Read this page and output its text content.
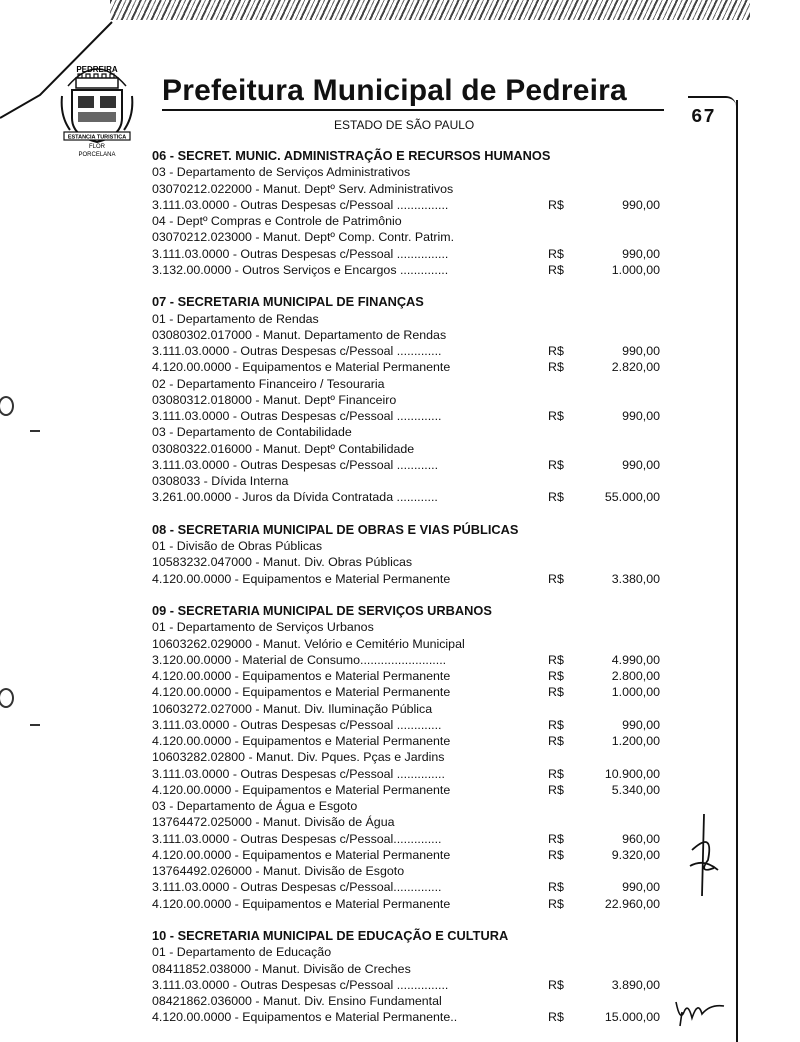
PEDREIRA
ESTANCIA TURISTICA
FLOR
PORCELANA
Prefeitura Municipal de Pedreira
ESTADO DE SÃO PAULO	67
06 - SECRET. MUNIC. ADMINISTRAÇÃO E RECURSOS HUMANOS
03 - Departamento de Serviços Administrativos
03070212.022000 - Manut. Deptº Serv. Administrativos
3.111.03.0000 - Outras Despesas c/Pessoal ...............	R$	990,00
04 - Deptº Compras e Controle de Patrimônio
03070212.023000 - Manut. Deptº Comp. Contr. Patrim.
3.111.03.0000 - Outras Despesas c/Pessoal ...............	R$	990,00
3.132.00.0000 - Outros Serviços e Encargos ..............	R$	1.000,00
07 - SECRETARIA MUNICIPAL DE FINANÇAS
01 - Departamento de Rendas
03080302.017000 - Manut. Departamento de Rendas
3.111.03.0000 - Outras Despesas c/Pessoal .............	R$	990,00
4.120.00.0000 - Equipamentos e Material Permanente	R$	2.820,00
02 - Departamento Financeiro / Tesouraria
03080312.018000 - Manut. Deptº Financeiro
3.111.03.0000 - Outras Despesas c/Pessoal .............	R$	990,00
03 - Departamento de Contabilidade
03080322.016000 - Manut. Deptº Contabilidade
3.111.03.0000 - Outras Despesas c/Pessoal ............	R$	990,00
0308033 - Dívida Interna
3.261.00.0000 - Juros da Dívida Contratada ............	R$	55.000,00
08 - SECRETARIA MUNICIPAL DE OBRAS E VIAS PÚBLICAS
01 - Divisão de Obras Públicas
10583232.047000 - Manut. Div. Obras Públicas
4.120.00.0000 - Equipamentos e Material Permanente	R$	3.380,00
09 - SECRETARIA MUNICIPAL DE SERVIÇOS URBANOS
01 - Departamento de Serviços Urbanos
10603262.029000 - Manut. Velório e Cemitério Municipal
3.120.00.0000 - Material de Consumo.........................	R$	4.990,00
4.120.00.0000 - Equipamentos e Material Permanente	R$	2.800,00
4.120.00.0000 - Equipamentos e Material Permanente	R$	1.000,00
10603272.027000 - Manut. Div. Iluminação Pública
3.111.03.0000 - Outras Despesas c/Pessoal .............	R$	990,00
4.120.00.0000 - Equipamentos e Material Permanente	R$	1.200,00
10603282.02800 - Manut. Div. Pques. Pças e Jardins
3.111.03.0000 - Outras Despesas c/Pessoal ..............	R$	10.900,00
4.120.00.0000 - Equipamentos e Material Permanente	R$	5.340,00
03 - Departamento de Água e Esgoto
13764472.025000 - Manut. Divisão de Água
3.111.03.0000 - Outras Despesas c/Pessoal..............	R$	960,00
4.120.00.0000 - Equipamentos e Material Permanente	R$	9.320,00
13764492.026000 - Manut. Divisão de Esgoto
3.111.03.0000 - Outras Despesas c/Pessoal..............	R$	990,00
4.120.00.0000 - Equipamentos e Material Permanente	R$	22.960,00
10 - SECRETARIA MUNICIPAL DE EDUCAÇÃO E CULTURA
01 - Departamento de Educação
08411852.038000 - Manut. Divisão de Creches
3.111.03.0000 - Outras Despesas c/Pessoal ...............	R$	3.890,00
08421862.036000 - Manut. Div. Ensino Fundamental
4.120.00.0000 - Equipamentos e Material Permanente..	R$	15.000,00
